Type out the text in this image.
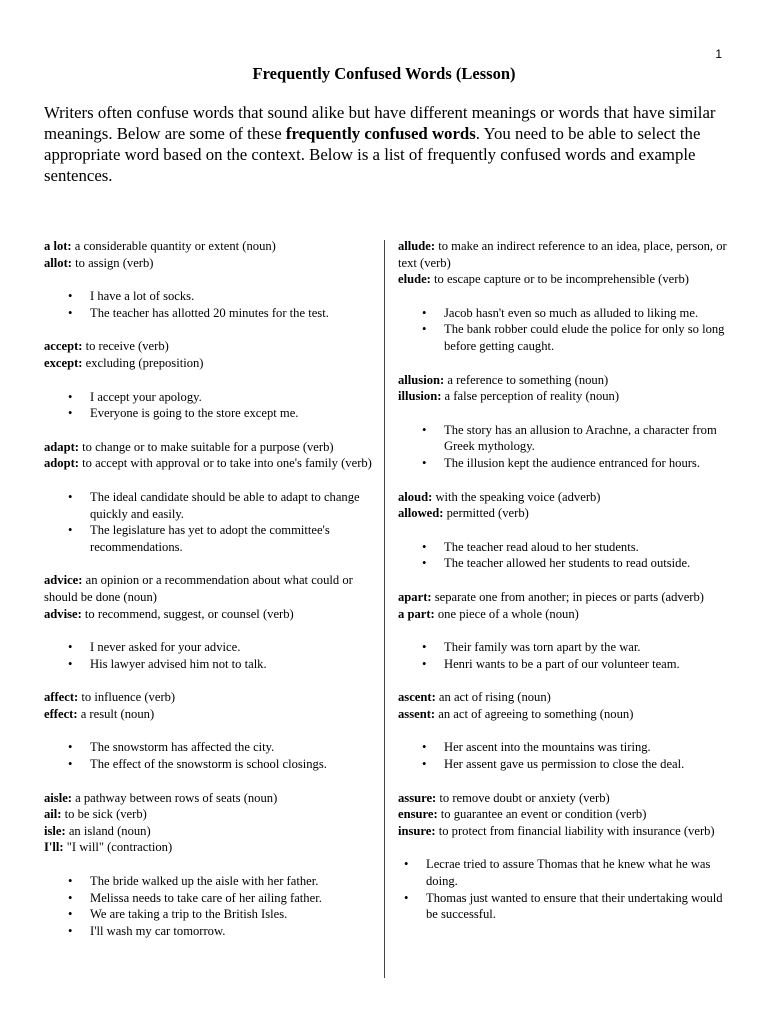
1
Frequently Confused Words (Lesson)
Writers often confuse words that sound alike but have different meanings or words that have similar meanings. Below are some of these frequently confused words. You need to be able to select the appropriate word based on the context. Below is a list of frequently confused words and example sentences.

a lot: a considerable quantity or extent (noun)

allot: to assign (verb)

• I have a lot of socks.
• The teacher has allotted 20 minutes for the test.

accept: to receive (verb)

except: excluding (preposition)

• I accept your apology.
• Everyone is going to the store except me.

adapt: to change or to make suitable for a purpose (verb)

adopt: to accept with approval or to take into one's family (verb)

• The ideal candidate should be able to adapt to change quickly and easily.
• The legislature has yet to adopt the committee's recommendations.

advice: an opinion or a recommendation about what could or should be done (noun)

advise: to recommend, suggest, or counsel (verb)

• I never asked for your advice.
• His lawyer advised him not to talk.

affect: to influence (verb)

effect: a result (noun)

• The snowstorm has affected the city.
• The effect of the snowstorm is school closings.

aisle: a pathway between rows of seats (noun)

ail: to be sick (verb)

isle: an island (noun)

I'll: "I will" (contraction)

• The bride walked up the aisle with her father.
• Melissa needs to take care of her ailing father.
• We are taking a trip to the British Isles.
• I'll wash my car tomorrow.

allude: to make an indirect reference to an idea, place, person, or text (verb)

elude: to escape capture or to be incomprehensible (verb)

• Jacob hasn't even so much as alluded to liking me.
• The bank robber could elude the police for only so long before getting caught.

allusion: a reference to something (noun)

illusion: a false perception of reality (noun)

• The story has an allusion to Arachne, a character from Greek mythology.
• The illusion kept the audience entranced for hours.

aloud: with the speaking voice (adverb)

allowed: permitted (verb)

• The teacher read aloud to her students.
• The teacher allowed her students to read outside.

apart: separate one from another; in pieces or parts (adverb)

a part: one piece of a whole (noun)

• Their family was torn apart by the war.
• Henri wants to be a part of our volunteer team.

ascent: an act of rising (noun)

assent: an act of agreeing to something (noun)

• Her ascent into the mountains was tiring.
• Her assent gave us permission to close the deal.

assure: to remove doubt or anxiety (verb)

ensure: to guarantee an event or condition (verb)

insure: to protect from financial liability with insurance (verb)

• Lecrae tried to assure Thomas that he knew what he was doing.
• Thomas just wanted to ensure that their undertaking would be successful.
